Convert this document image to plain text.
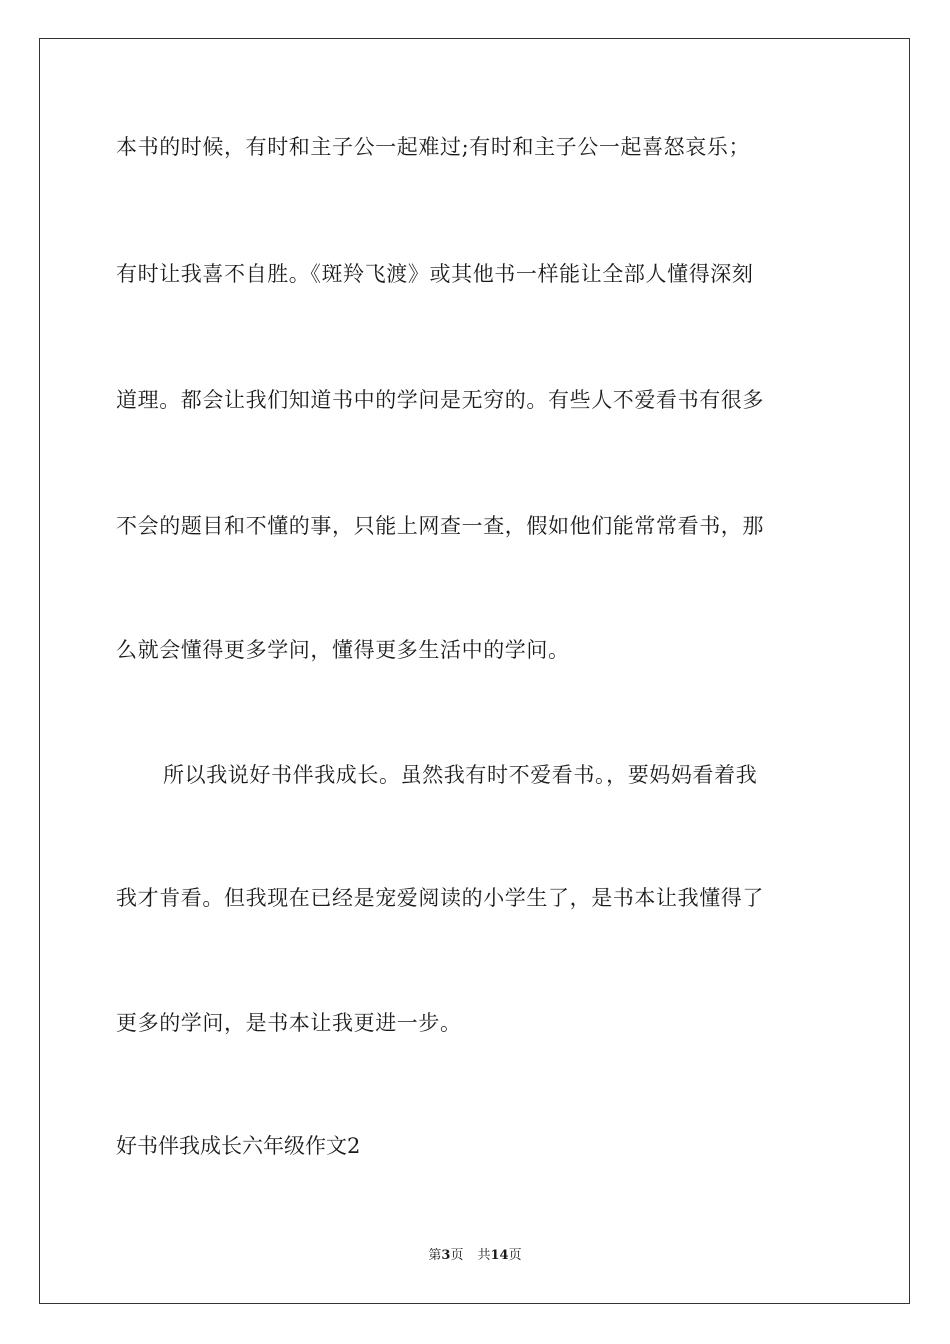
本书的时候，有时和主子公一起难过;有时和主子公一起喜怒哀乐；
有时让我喜不自胜。《斑羚飞渡》或其他书一样能让全部人懂得深刻
道理。都会让我们知道书中的学问是无穷的。有些人不爱看书有很多
不会的题目和不懂的事，只能上网查一查，假如他们能常常看书，那
么就会懂得更多学问，懂得更多生活中的学问。
所以我说好书伴我成长。虽然我有时不爱看书。，要妈妈看着我
我才肯看。但我现在已经是宠爱阅读的小学生了，是书本让我懂得了
更多的学问，是书本让我更进一步。
好书伴我成长六年级作文2
第3页 共14页
